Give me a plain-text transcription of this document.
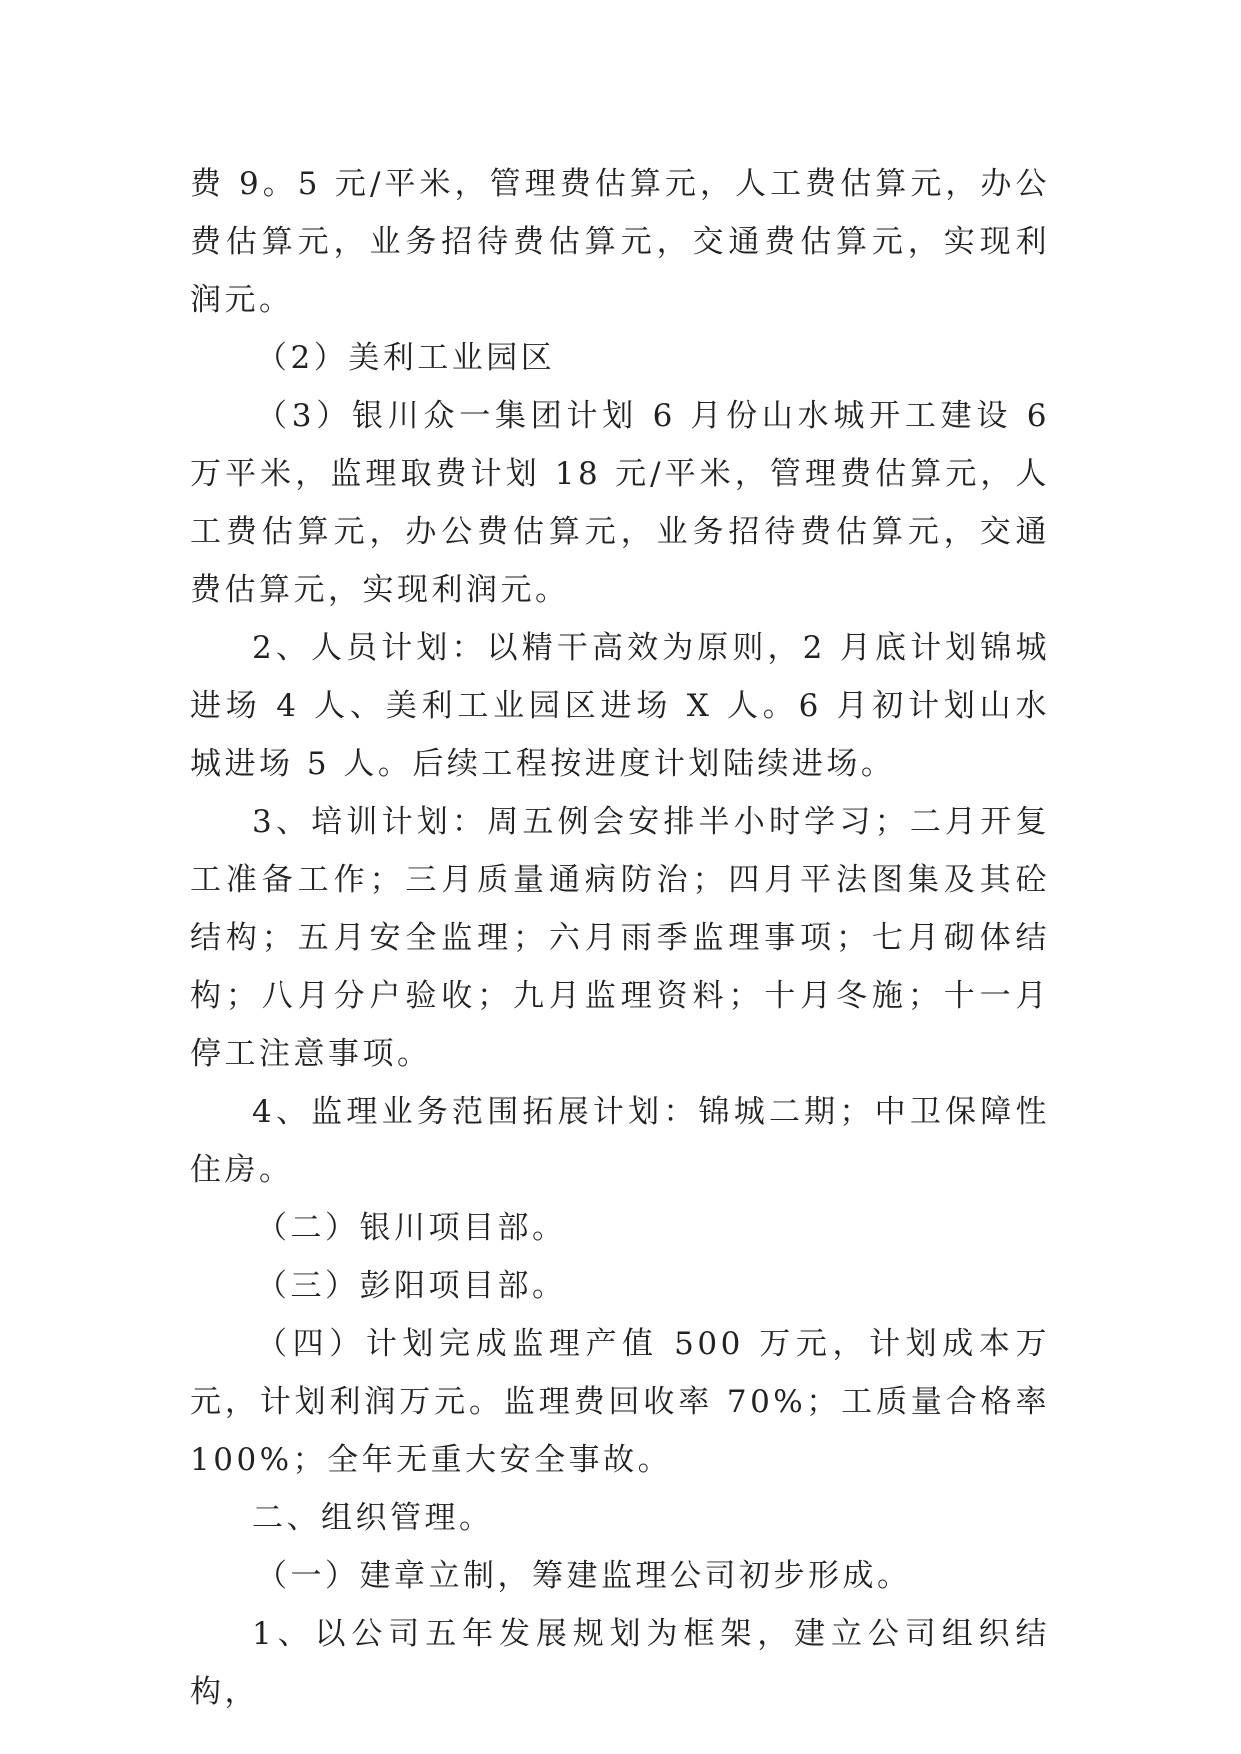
费 9。5 元/平米，管理费估算元，人工费估算元，办公费估算元，业务招待费估算元，交通费估算元，实现利润元。

（2）美利工业园区

（3）银川众一集团计划 6 月份山水城开工建设 6 万平米，监理取费计划 18 元/平米，管理费估算元，人工费估算元，办公费估算元，业务招待费估算元，交通费估算元，实现利润元。

2、人员计划：以精干高效为原则，2 月底计划锦城进场 4 人、美利工业园区进场 X 人。6 月初计划山水城进场 5 人。后续工程按进度计划陆续进场。

3、培训计划：周五例会安排半小时学习；二月开复工准备工作；三月质量通病防治；四月平法图集及其砼结构；五月安全监理；六月雨季监理事项；七月砌体结构；八月分户验收；九月监理资料；十月冬施；十一月停工注意事项。

4、监理业务范围拓展计划：锦城二期；中卫保障性住房。

（二）银川项目部。

（三）彭阳项目部。

（四）计划完成监理产值 500 万元，计划成本万元，计划利润万元。监理费回收率 70%；工质量合格率 100%；全年无重大安全事故。

二、组织管理。

（一）建章立制，筹建监理公司初步形成。

1、以公司五年发展规划为框架，建立公司组织结构，
